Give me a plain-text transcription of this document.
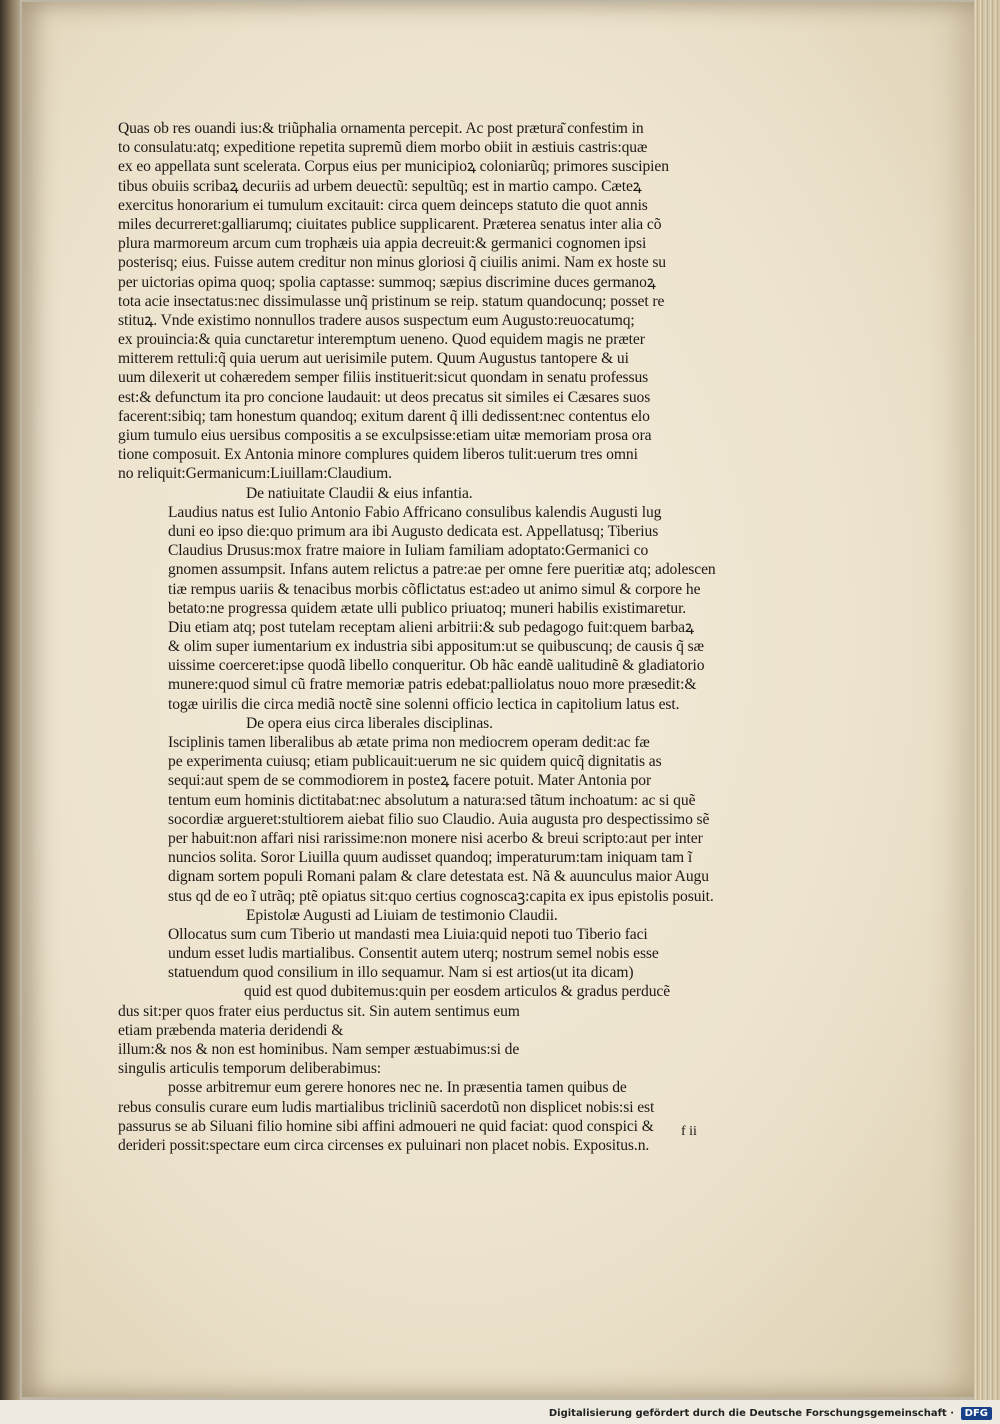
Quas ob res ouandi ius:& triũphalia ornamenta percepit. Ac post prætura͂ confestim in
to consulatu:atq; expeditione repetita supremũ diem morbo obiit in æstiuis castris:quæ
ex eo appellata sunt scelerata. Corpus eius per municipioꝝ coloniarũq; primores suscipien
tibus obuiis scribaꝝ decuriis ad urbem deuectũ: sepultũq; est in martio campo. Cæteꝝ
exercitus honorarium ei tumulum excitauit: circa quem deinceps statuto die quot annis
miles decurreret:galliarumq; ciuitates publice supplicarent. Præterea senatus inter alia cõ
plura marmoreum arcum cum trophæis uia appia decreuit:& germanici cognomen ipsi
posterisq; eius. Fuisse autem creditur non minus gloriosi q̃ ciuilis animi. Nam ex hoste su
per uictorias opima quoq; spolia captasse: summoq; sæpius discrimine duces germanoꝝ
tota acie insectatus:nec dissimulasse unq̃ pristinum se reip. statum quandocunq; posset re
stituꝝ. Vnde existimo nonnullos tradere ausos suspectum eum Augusto:reuocatumq;
ex prouincia:& quia cunctaretur interemptum ueneno. Quod equidem magis ne præter
mitterem rettuli:q̃ quia uerum aut uerisimile putem. Quum Augustus tantopere & ui
uum dilexerit ut cohæredem semper filiis instituerit:sicut quondam in senatu professus
est:& defunctum ita pro concione laudauit: ut deos precatus sit similes ei Cæsares suos
facerent:sibiq; tam honestum quandoq; exitum darent q̃ illi dedissent:nec contentus elo
gium tumulo eius uersibus compositis a se exculpsisse:etiam uitæ memoriam prosa ora
tione composuit. Ex Antonia minore complures quidem liberos tulit:uerum tres omni
no reliquit:Germanicum:Liuillam:Claudium.
De natiuitate Claudii & eius infantia.
Laudius natus est Iulio Antonio Fabio Affricano consulibus kalendis Augusti lug
duni eo ipso die:quo primum ara ibi Augusto dedicata est. Appellatusq; Tiberius
Claudius Drusus:mox fratre maiore in Iuliam familiam adoptato:Germanici co
gnomen assumpsit. Infans autem relictus a patre:ae per omne fere pueritiæ atq; adolescen
tiæ rempus uariis & tenacibus morbis cõflictatus est:adeo ut animo simul & corpore he
betato:ne progressa quidem ætate ulli publico priuatoq; muneri habilis existimaretur.
Diu etiam atq; post tutelam receptam alieni arbitrii:& sub pedagogo fuit:quem barbaꝝ
& olim super iumentarium ex industria sibi appositum:ut se quibuscunq; de causis q̃ sæ
uissime coerceret:ipse quodã libello conqueritur. Ob hãc eandẽ ualitudinẽ & gladiatorio
munere:quod simul cũ fratre memoriæ patris edebat:palliolatus nouo more præsedit:&
togæ uirilis die circa mediã noctẽ sine solenni officio lectica in capitolium latus est.
De opera eius circa liberales disciplinas.
Isciplinis tamen liberalibus ab ætate prima non mediocrem operam dedit:ac fæ
pe experimenta cuiusq; etiam publicauit:uerum ne sic quidem quicq̃ dignitatis as
sequi:aut spem de se commodiorem in posteꝝ facere potuit. Mater Antonia por
tentum eum hominis dictitabat:nec absolutum a natura:sed tãtum inchoatum: ac si quẽ
socordiæ argueret:stultiorem aiebat filio suo Claudio. Auia augusta pro despectissimo sẽ
per habuit:non affari nisi rarissime:non monere nisi acerbo & breui scripto:aut per inter
nuncios solita. Soror Liuilla quum audisset quandoq; imperaturum:tam iniquam tam ĩ
dignam sortem populi Romani palam & clare detestata est. Nã & auunculus maior Augu
stus qd de eo ĩ utrãq; ptẽ opiatus sit:quo certius cognoscaꝫ:capita ex ipus epistolis posuit.
Epistolæ Augusti ad Liuiam de testimonio Claudii.
Ollocatus sum cum Tiberio ut mandasti mea Liuia:quid nepoti tuo Tiberio faci
undum esset ludis martialibus. Consentit autem uterq; nostrum semel nobis esse
statuendum quod consilium in illo sequamur. Nam si est artios(ut ita dicam)
quid est quod dubitemus:quin per eosdem articulos & gradus perducẽ
dus sit:per quos frater eius perductus sit. Sin autem sentimus eum
etiam præbenda materia deridendi &
illum:& nos & non est hominibus. Nam semper æstuabimus:si de
singulis articulis temporum deliberabimus:
posse arbitremur eum gerere honores nec ne. In præsentia tamen quibus de
rebus consulis curare eum ludis martialibus tricliniũ sacerdotũ non displicet nobis:si est
passurus se ab Siluani filio homine sibi affini admoueri ne quid faciat: quod conspici &
derideri possit:spectare eum circa circenses ex puluinari non placet nobis. Expositus.n.
f ii
Digitalisierung gefördert durch die Deutsche Forschungsgemeinschaft ·	DFG
